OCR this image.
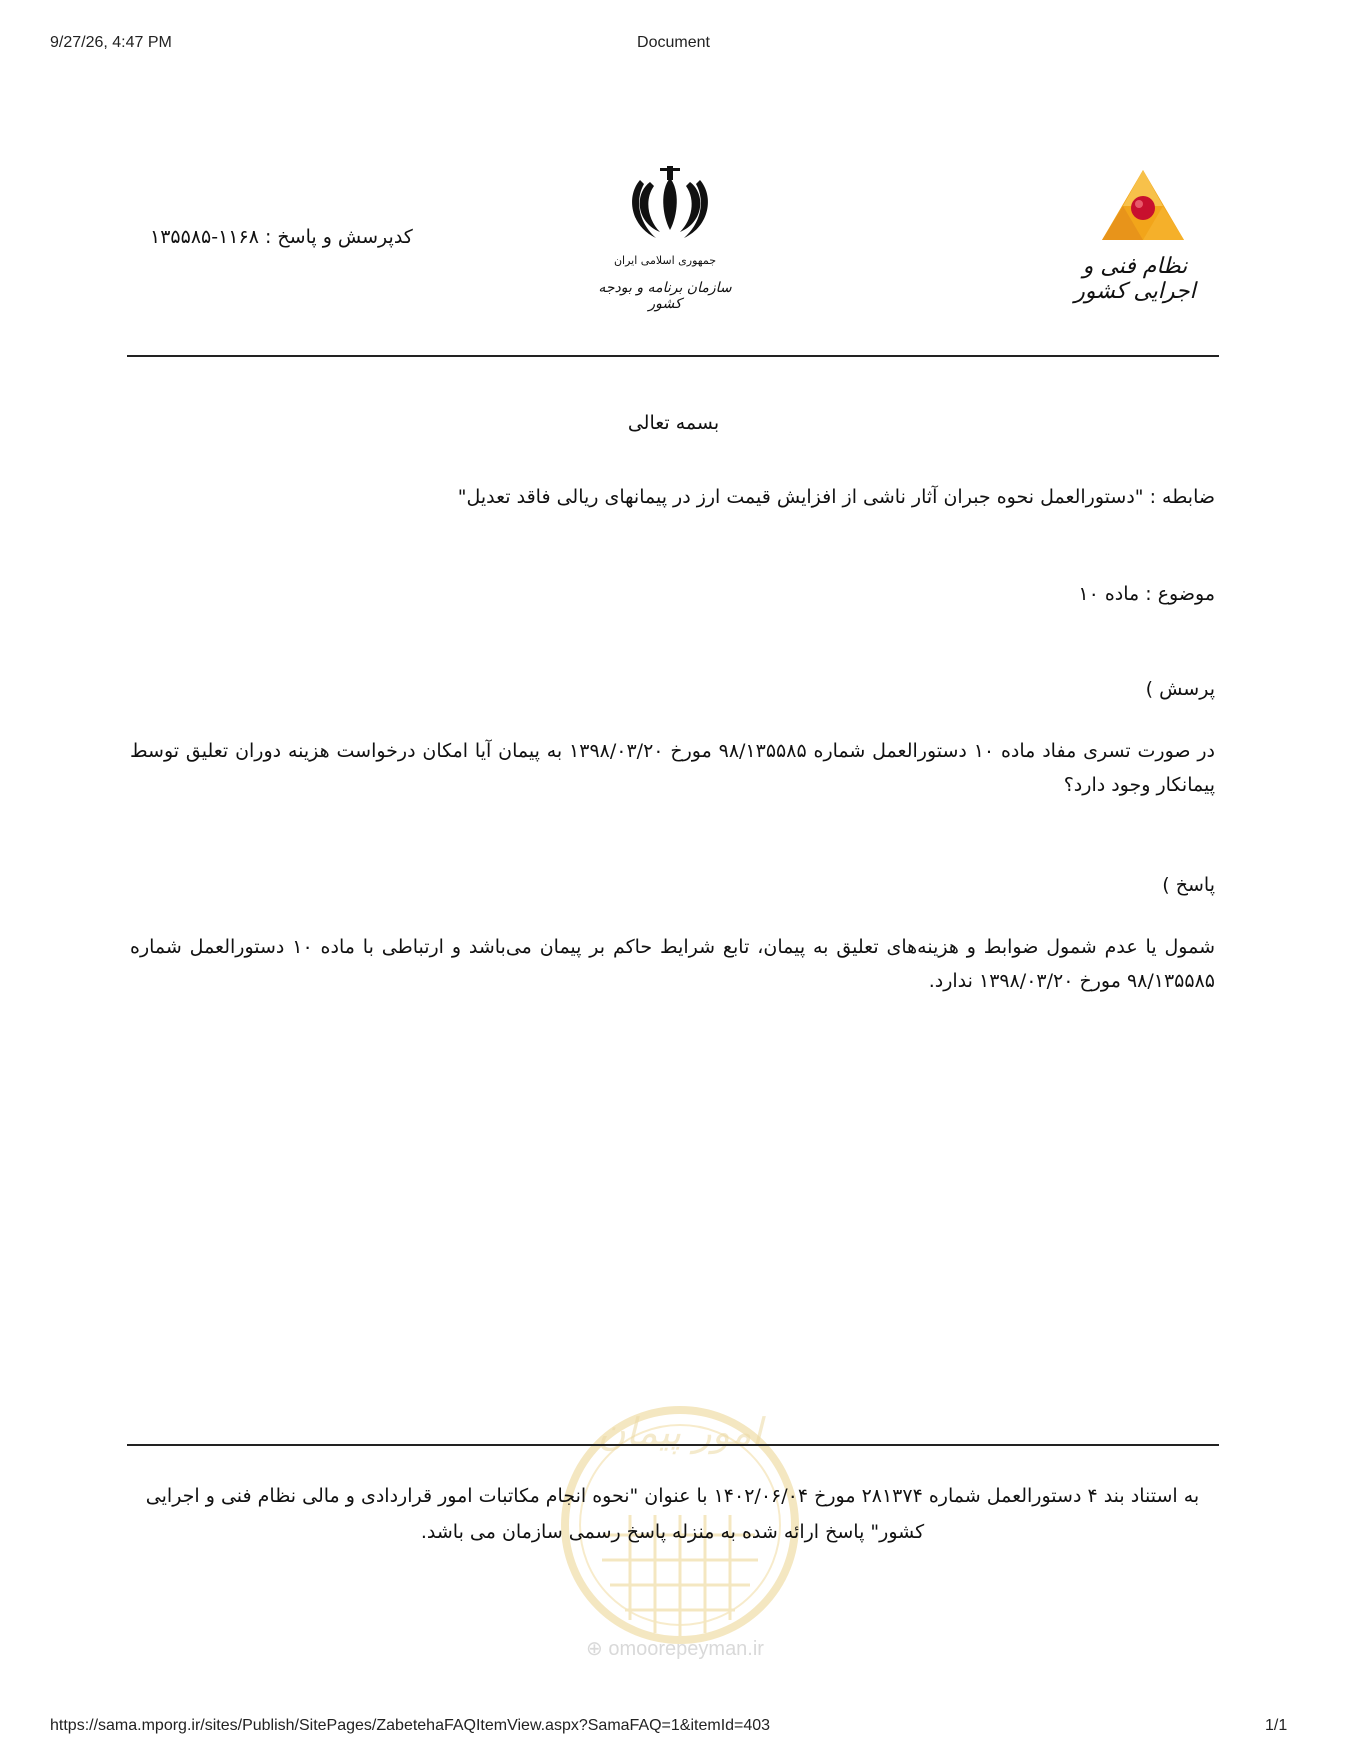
9/27/26, 4:47 PM	Document
کدپرسش و پاسخ : ۱۱۶۸-۱۳۵۵۸۵
جمهوری اسلامی ایران
سازمان برنامه و بودجه کشور
نظام فنی و اجرایی کشور
بسمه تعالی
ضابطه : "دستورالعمل نحوه جبران آثار ناشی از افزایش قیمت ارز در پیمانهای ریالی فاقد تعدیل"
موضوع : ماده ۱۰
پرسش )
در صورت تسری مفاد ماده ۱۰ دستورالعمل شماره ۹۸/۱۳۵۵۸۵ مورخ ۱۳۹۸/۰۳/۲۰ به پیمان آیا امکان درخواست هزینه دوران تعلیق توسط پیمانکار وجود دارد؟
پاسخ )
شمول یا عدم شمول ضوابط و هزینه‌های تعلیق به پیمان، تابع شرایط حاکم بر پیمان می‌باشد و ارتباطی با ماده ۱۰ دستورالعمل شماره ۹۸/۱۳۵۵۸۵ مورخ ۱۳۹۸/۰۳/۲۰ ندارد.
امور پیمان
به استناد بند ۴ دستورالعمل شماره ۲۸۱۳۷۴ مورخ ۱۴۰۲/۰۶/۰۴ با عنوان "نحوه انجام مکاتبات امور قراردادی و مالی نظام فنی و اجرایی کشور" پاسخ ارائه شده به منزله پاسخ رسمی سازمان می باشد.
⊕ omoorepeyman.ir
https://sama.mporg.ir/sites/Publish/SitePages/ZabetehaFAQItemView.aspx?SamaFAQ=1&itemId=403	1/1
